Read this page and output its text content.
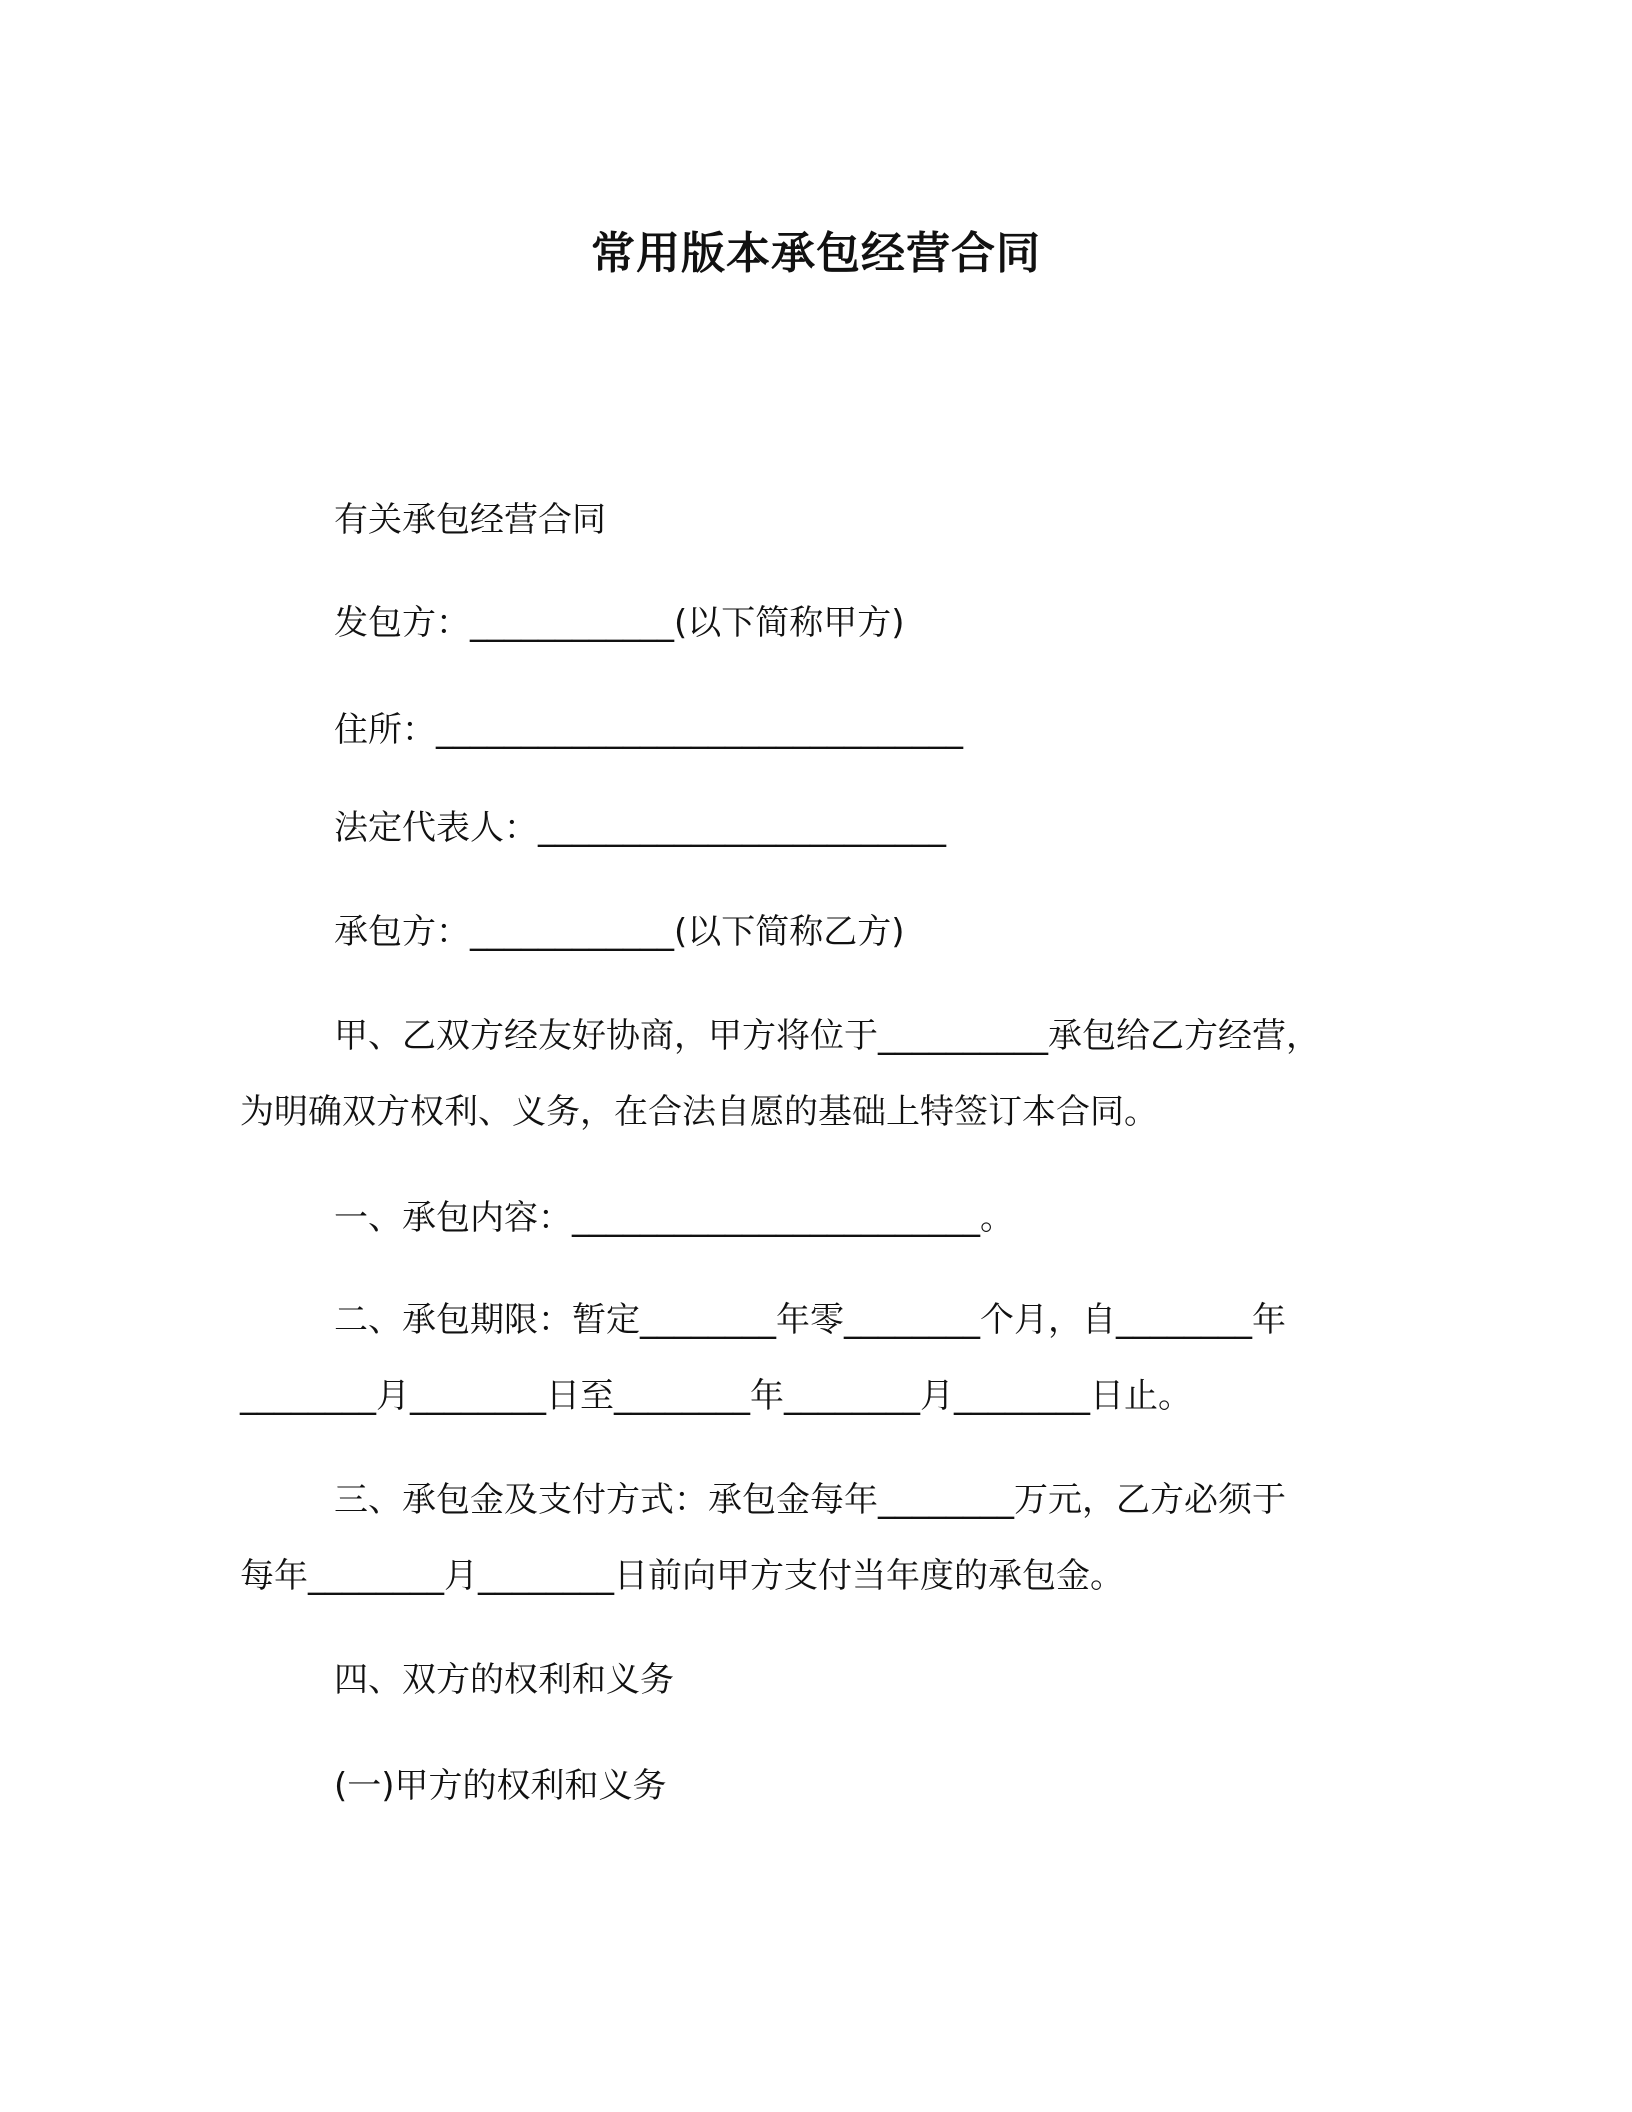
常用版本承包经营合同

有关承包经营合同

发包方：____________(以下简称甲方)

住所：_______________________________

法定代表人：________________________

承包方：____________(以下简称乙方)

甲、乙双方经友好协商，甲方将位于__________承包给乙方经营，

为明确双方权利、义务，在合法自愿的基础上特签订本合同。

一、承包内容：________________________。

二、承包期限：暂定________年零________个月，自________年

________月________日至________年________月________日止。

三、承包金及支付方式：承包金每年________万元，乙方必须于

每年________月________日前向甲方支付当年度的承包金。

四、双方的权利和义务

(一)甲方的权利和义务
